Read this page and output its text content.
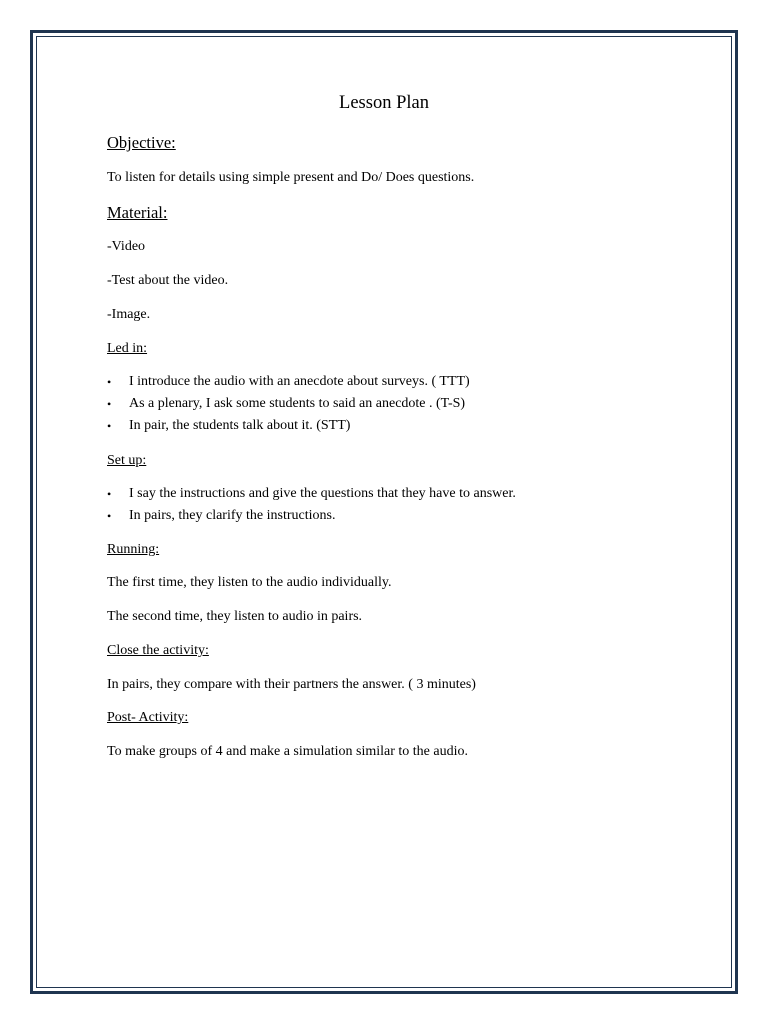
Lesson Plan
Objective:
To listen for details using simple present and Do/ Does questions.
Material:
-Video
-Test about the video.
-Image.
Led in:
• I introduce the audio with an anecdote about surveys. ( TTT)
• As a plenary, I ask some students to said an anecdote . (T-S)
• In pair, the students talk about it. (STT)
Set up:
• I say the instructions and give the questions that they have to answer.
• In pairs, they clarify the instructions.
Running:
The first time, they listen to the audio individually.
The second time, they listen to audio in pairs.
Close the activity:
In pairs, they compare with their partners the answer. ( 3 minutes)
Post- Activity:
To make groups of 4 and make a simulation similar to the audio.
